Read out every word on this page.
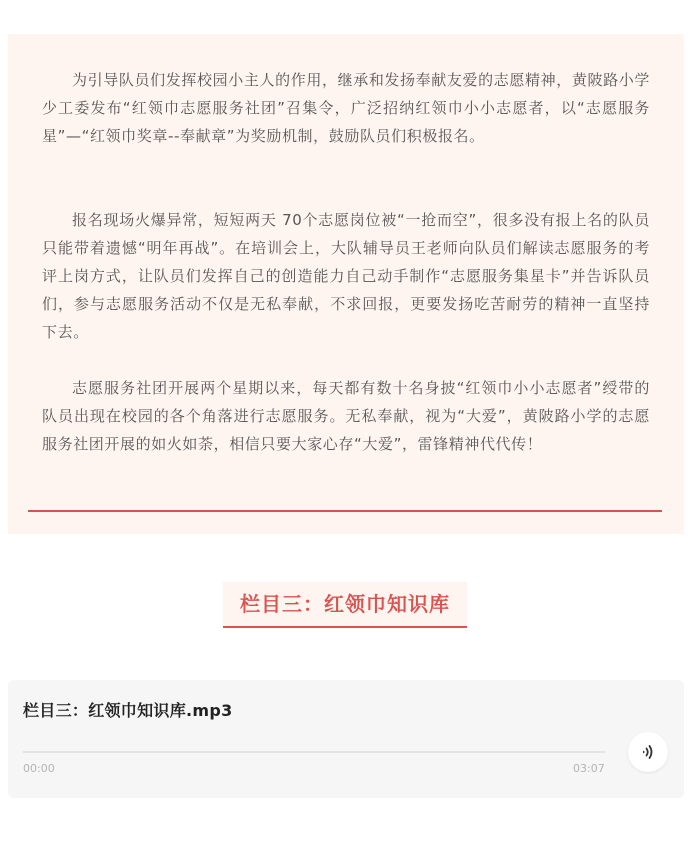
为引导队员们发挥校园小主人的作用，继承和发扬奉献友爱的志愿精神，黄陂路小学少工委发布“红领巾志愿服务社团”召集令，广泛招纳红领巾小小志愿者，以“志愿服务星”—“红领巾奖章--奉献章”为奖励机制，鼓励队员们积极报名。

报名现场火爆异常，短短两天 70个志愿岗位被“一抢而空”，很多没有报上名的队员只能带着遗憾“明年再战”。在培训会上，大队辅导员王老师向队员们解读志愿服务的考评上岗方式，让队员们发挥自己的创造能力自己动手制作“志愿服务集星卡”并告诉队员们，参与志愿服务活动不仅是无私奉献，不求回报，更要发扬吃苦耐劳的精神一直坚持下去。

志愿服务社团开展两个星期以来，每天都有数十名身披“红领巾小小志愿者”绶带的队员出现在校园的各个角落进行志愿服务。无私奉献，视为“大爱”，黄陂路小学的志愿服务社团开展的如火如荼，相信只要大家心存“大爱”，雷锋精神代代传！

栏目三：红领巾知识库
栏目三：红领巾知识库.mp3
00:00	03:07
